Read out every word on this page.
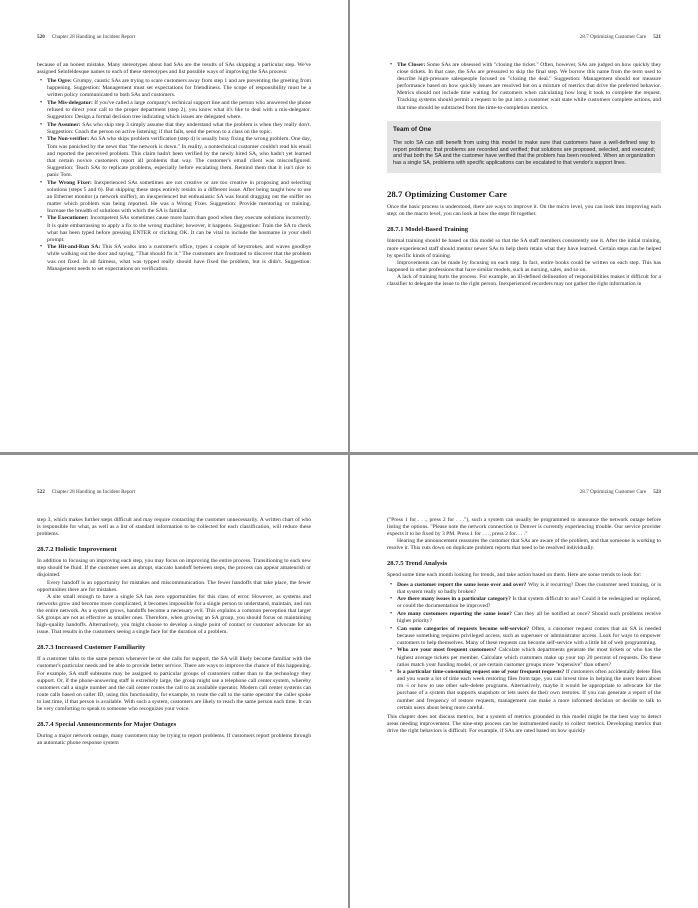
520 Chapter 28 Handling an Incident Report

because of an honest mistake. Many stereotypes about bad SAs are the results of SAs skipping a particular step. We've assigned Seinfeldesque names to each of these stereotypes and list possible ways of improving the SAs process:

• The Ogre: Grumpy, caustic SAs are trying to scare customers away from step 1 and are preventing the greeting from happening. Suggestion: Management must set expectations for friendliness. The scope of responsibility must be a written policy communicated to both SAs and customers.
• The Mis-delegator: If you've called a large company's technical support line and the person who answered the phone refused to direct your call to the proper department (step 2), you know what it's like to deal with a mis-delegator. Suggestion: Design a formal decision tree indicating which issues are delegated where.
• The Assumer: SAs who skip step 3 simply assume that they understand what the problem is when they really don't. Suggestion: Coach the person on active listening; if that fails, send the person to a class on the topic.
• The Non-verifier: An SA who skips problem verification (step 4) is usually busy fixing the wrong problem. One day, Tom was panicked by the news that "the network is down." In reality, a nontechnical customer couldn't read his email and reported the perceived problem. This claim hadn't been verified by the newly hired SA, who hadn't yet learned that certain novice customers report all problems that way. The customer's email client was misconfigured. Suggestion: Teach SAs to replicate problems, especially before escalating them. Remind them that it isn't nice to panic Tom.
• The Wrong Fixer: Inexperienced SAs sometimes are not creative or are too creative in proposing and selecting solutions (steps 5 and 6). But skipping these steps entirely results in a different issue. After being taught how to use an Ethernet monitor (a network sniffer), an inexperienced but enthusiastic SA was found dragging out the sniffer no matter which problem was being reported. He was a Wrong Fixer. Suggestion: Provide mentoring or training. Increase the breadth of solutions with which the SA is familiar.
• The Executioner: Incompetent SAs sometimes cause more harm than good when they execute solutions incorrectly. It is quite embarrassing to apply a fix to the wrong machine; however, it happens. Suggestion: Train the SA to check what has been typed before pressing ENTER or clicking OK. It can be vital to include the hostname in your shell prompt.
• The Hit-and-Run SA: This SA walks into a customer's office, types a couple of keystrokes, and waves goodbye while walking out the door and saying, "That should fix it." The customers are frustrated to discover that the problem was not fixed. In all fairness, what was typped really should have fixed the problem, but is didn't. Suggestion: Management needs to set expectations on verification.
28.7 Optimizing Customer Care 521
• The Closer: Some SAs are obsessed with "closing the ticket." Often, however, SAs are judged on how quickly they close tickets. In that case, the SAs are pressured to skip the final step. We borrow this name from the term used to describe high-pressure salespeople focused on "closing the deal." Suggestion: Management should not measure performance based on how quickly issues are resolved but on a mixture of metrics that drive the preferred behavior. Metrics should not include time waiting for customers when calculating how long it took to complete the request. Tracking systems should permit a request to be put into a customer wait state while customers complete actions, and that time should be subtracted from the time-to-completion metrics.
Team of One

The solo SA can still benefit from using this model to make sure that customers have a well-defined way to report problems; that problems are recorded and verified; that solutions are proposed, selected, and executed; and that both the SA and the customer have verified that the problem has been resolved. When an organization has a single SA, problems with specific applications can be escalated to that vendor's support lines.

28.7 Optimizing Customer Care

Once the basic process is understood, there are ways to improve it. On the micro level, you can look into improving each step; on the macro level, you can look at how the steps fit together.

28.7.1 Model-Based Training

Internal training should be based on this model so that the SA staff members consistently use it. After the initial training, more experienced staff should mentor newer SAs to help them retain what they have learned. Certain steps can be helped by specific kinds of training.

Improvements can be made by focusing on each step. In fact, entire books could be written on each step. This has happened in other professions that have similar models, such as nursing, sales, and so on.

A lack of training hurts the process. For example, an ill-defined delineation of responsibilities makes it difficult for a classifier to delegate the issue to the right person. Inexperienced recorders may not gather the right information in

522 Chapter 28 Handling an Incident Report

step 3, which makes further steps difficult and may require contacting the customer unnecessarily. A written chart of who is responsible for what, as well as a list of standard information to be collected for each classification, will reduce these problems.

28.7.2 Holistic Improvement

In addition to focusing on improving each step, you may focus on improving the entire process. Transitioning to each new step should be fluid. If the customer sees an abrupt, staccato handoff between steps, the process can appear amateurish or disjointed.

Every handoff is an opportunity for mistakes and miscommunication. The fewer handoffs that take place, the fewer opportunities there are for mistakes.

A site small enough to have a single SA has zero opportunities for this class of error. However, as systems and networks grow and become more complicated, it becomes impossible for a single person to understand, maintain, and run the entire network. As a system grows, handoffs become a necessary evil. This explains a common perception that larger SA groups are not as effective as smaller ones. Therefore, when growing an SA group, you should focus on maintaining high-quality handoffs. Alternatively, you might choose to develop a single point of contact or customer advocate for an issue. That results in the customers seeing a single face for the duration of a problem.

28.7.3 Increased Customer Familiarity

If a customer talks to the same person whenever he or she calls for support, the SA will likely become familiar with the customer's particular needs and be able to provide better service. There are ways to improve the chance of this happening. For example, SA staff subteams may be assigned to particular groups of customers rather than to the technology they support. Or, if the phone-answering staff is extremely large, the group might use a telephone call center system, whereby customers call a single number and the call center routes the call to an available operator. Modern call center systems can route calls based on caller ID, using this functionality, for example, to route the call to the same operator the caller spoke to last time, if that person is available. With such a system, customers are likely to reach the same person each time. It can be very comforting to speak to someone who recognizes your voice.

28.7.4 Special Announcements for Major Outages

During a major network outage, many customers may be trying to report problems. If customers report problems through an automatic phone response system

28.7 Optimizing Customer Care 523

("Press 1 for . . ., press 2 for . . ."), such a system can usually be programmed to announce the network outage before listing the options. "Please note the network connection to Denver is currently experiencing trouble. Our service provider expects it to be fixed by 3 PM. Press 1 for . . ., press 2 for. . . ."

Hearing the announcement reassures the customer that SAs are aware of the problem, and that someone is working to resolve it. This cuts down on duplicate problem reports that need to be resolved individually.

28.7.5 Trend Analysis

Spend some time each month looking for trends, and take action based on them. Here are some trends to look for:

• Does a customer report the same issue over and over? Why is it recurring? Does the customer need training, or is that system really so badly broken?
• Are there many issues in a particular category? Is that system difficult to use? Could it be redesigned or replaced, or could the documentation be improved?
• Are many customers reporting the same issue? Can they all be notified at once? Should such problems receive higher priority?
• Can some categories of requests become self-service? Often, a customer request comes that an SA is needed because something requires privileged access, such as superuser or administrator access. Look for ways to empower customers to help themselves. Many of these requests can become self-service with a little bit of web programming.
• Who are your most frequent customers? Calculate which departments generate the most tickets or who has the highest average tickets per member. Calculate which customers make up your top 20 percent of requests. Do these ratios match your funding model, or are certain customer groups more "expensive" than others?
• Is a particular time-consuming request one of your frequent requests? If customers often accidentally delete files and you waste a lot of time each week restoring files from tape, you can invest time in helping the users learn about rm -i or how to use other safe-delete programs. Alternatively, maybe it would be appropriate to advocate for the purchase of a system that supports snapshots or lets users do their own restores. If you can generate a report of the number and frequency of restore requests, management can make a more informed decision or decide to talk to certain users about being more careful.

This chapter does not discuss metrics, but a system of metrics grounded in this model might be the best way to detect areas needing improvement. The nine-step process can be instrumented easily to collect metrics. Developing metrics that drive the right behaviors is difficult. For example, if SAs are rated based on how quickly
